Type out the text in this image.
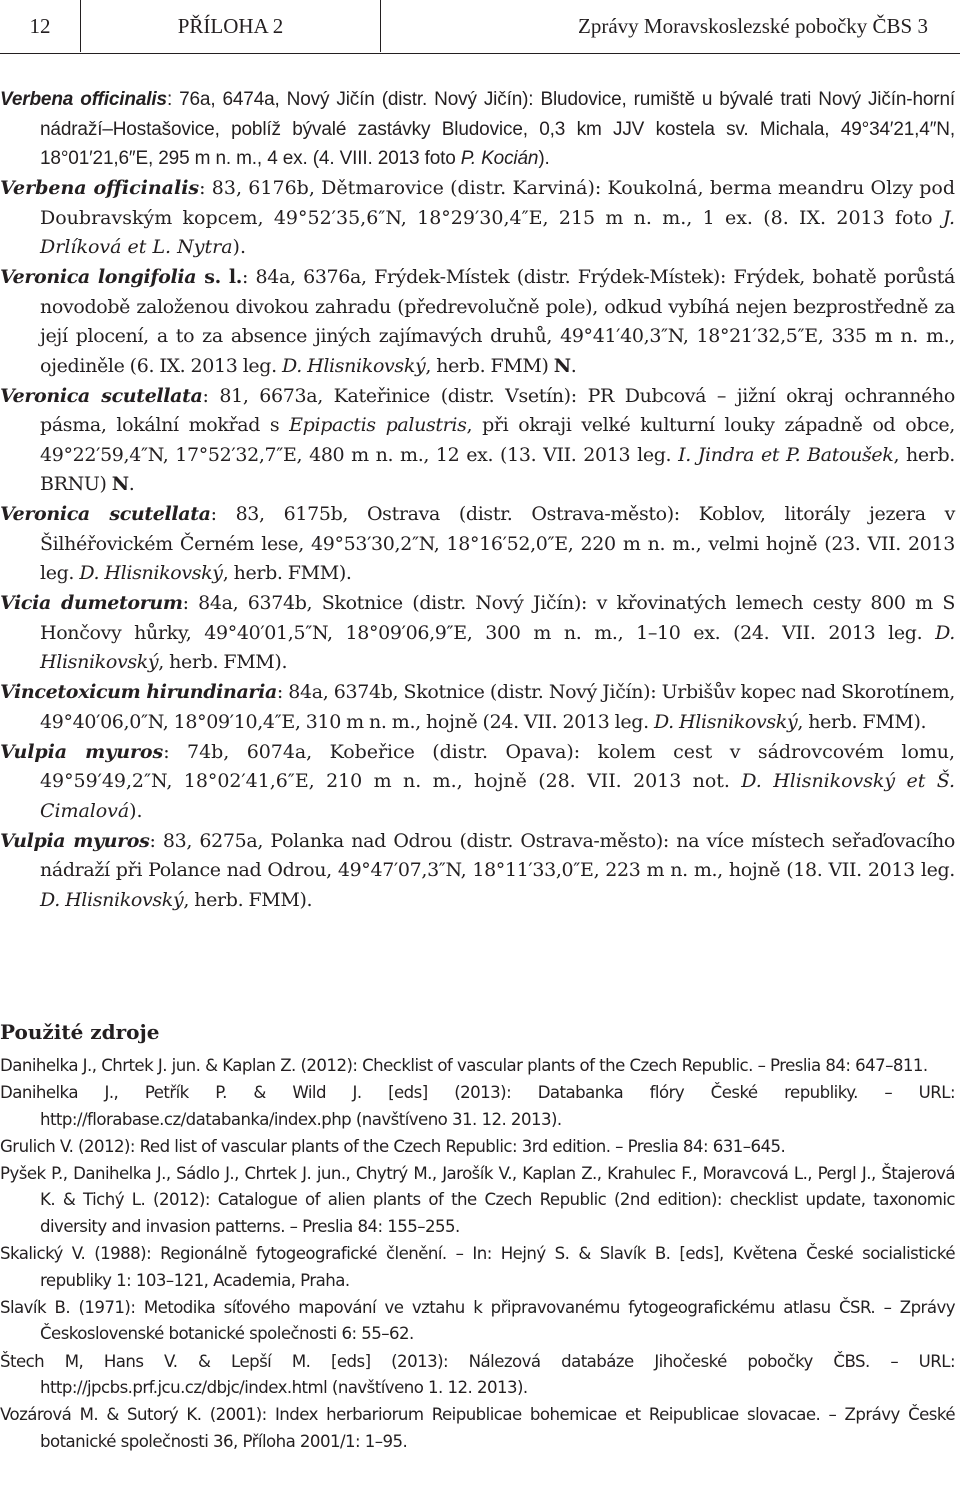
12	PŘÍLOHA 2	Zprávy Moravskoslezské pobočky ČBS 3

Verbena officinalis: 76a, 6474a, Nový Jičín (distr. Nový Jičín): Bludovice, rumiště u bývalé trati Nový Jičín-horní nádraží–Hostašovice, poblíž bývalé zastávky Bludovice, 0,3 km JJV kostela sv. Michala, 49°34′21,4″N, 18°01′21,6″E, 295 m n. m., 4 ex. (4. VIII. 2013 foto P. Kocián).

Verbena officinalis: 83, 6176b, Dětmarovice (distr. Karviná): Koukolná, berma meandru Olzy pod Doubravským kopcem, 49°52′35,6″N, 18°29′30,4″E, 215 m n. m., 1 ex. (8. IX. 2013 foto J. Drlíková et L. Nytra).

Veronica longifolia s. l.: 84a, 6376a, Frýdek-Místek (distr. Frýdek-Místek): Frýdek, bohatě porůstá novodobě založenou divokou zahradu (předrevolučně pole), odkud vybíhá nejen bezprostředně za její plocení, a to za absence jiných zajímavých druhů, 49°41′40,3″N, 18°21′32,5″E, 335 m n. m., ojediněle (6. IX. 2013 leg. D. Hlisnikovský, herb. FMM) N.

Veronica scutellata: 81, 6673a, Kateřinice (distr. Vsetín): PR Dubcová – jižní okraj ochranného pásma, lokální mokřad s Epipactis palustris, při okraji velké kulturní louky západně od obce, 49°22′59,4″N, 17°52′32,7″E, 480 m n. m., 12 ex. (13. VII. 2013 leg. I. Jindra et P. Batoušek, herb. BRNU) N.

Veronica scutellata: 83, 6175b, Ostrava (distr. Ostrava-město): Koblov, litorály jezera v Šilhéřovickém Černém lese, 49°53′30,2″N, 18°16′52,0″E, 220 m n. m., velmi hojně (23. VII. 2013 leg. D. Hlisnikovský, herb. FMM).

Vicia dumetorum: 84a, 6374b, Skotnice (distr. Nový Jičín): v křovinatých lemech cesty 800 m S Hončovy hůrky, 49°40′01,5″N, 18°09′06,9″E, 300 m n. m., 1–10 ex. (24. VII. 2013 leg. D. Hlisnikovský, herb. FMM).

Vincetoxicum hirundinaria: 84a, 6374b, Skotnice (distr. Nový Jičín): Urbišův kopec nad Skorotínem, 49°40′06,0″N, 18°09′10,4″E, 310 m n. m., hojně (24. VII. 2013 leg. D. Hlisnikovský, herb. FMM).

Vulpia myuros: 74b, 6074a, Kobeřice (distr. Opava): kolem cest v sádrovcovém lomu, 49°59′49,2″N, 18°02′41,6″E, 210 m n. m., hojně (28. VII. 2013 not. D. Hlisnikovský et Š. Cimalová).

Vulpia myuros: 83, 6275a, Polanka nad Odrou (distr. Ostrava-město): na více místech seřaďovacího nádraží při Polance nad Odrou, 49°47′07,3″N, 18°11′33,0″E, 223 m n. m., hojně (18. VII. 2013 leg. D. Hlisnikovský, herb. FMM).

Použité zdroje

Danihelka J., Chrtek J. jun. & Kaplan Z. (2012): Checklist of vascular plants of the Czech Republic. – Preslia 84: 647–811.

Danihelka J., Petřík P. & Wild J. [eds] (2013): Databanka flóry České republiky. – URL: http://florabase.cz/databanka/index.php (navštíveno 31. 12. 2013).

Grulich V. (2012): Red list of vascular plants of the Czech Republic: 3rd edition. – Preslia 84: 631–645.

Pyšek P., Danihelka J., Sádlo J., Chrtek J. jun., Chytrý M., Jarošík V., Kaplan Z., Krahulec F., Moravcová L., Pergl J., Štajerová K. & Tichý L. (2012): Catalogue of alien plants of the Czech Republic (2nd edition): checklist update, taxonomic diversity and invasion patterns. – Preslia 84: 155–255.

Skalický V. (1988): Regionálně fytogeografické členění. – In: Hejný S. & Slavík B. [eds], Květena České socialistické republiky 1: 103–121, Academia, Praha.

Slavík B. (1971): Metodika síťového mapování ve vztahu k připravovanému fytogeografickému atlasu ČSR. – Zprávy Československé botanické společnosti 6: 55–62.

Štech M, Hans V. & Lepší M. [eds] (2013): Nálezová databáze Jihočeské pobočky ČBS. – URL: http://jpcbs.prf.jcu.cz/dbjc/index.html (navštíveno 1. 12. 2013).

Vozárová M. & Sutorý K. (2001): Index herbariorum Reipublicae bohemicae et Reipublicae slovacae. – Zprávy České botanické společnosti 36, Příloha 2001/1: 1–95.
